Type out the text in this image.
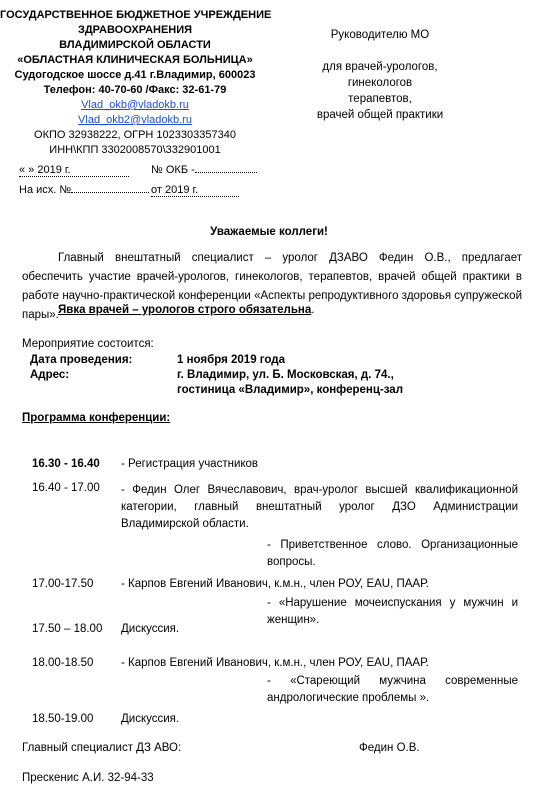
ГОСУДАРСТВЕННОЕ БЮДЖЕТНОЕ УЧРЕЖДЕНИЕ
ЗДРАВООХРАНЕНИЯ
ВЛАДИМИРСКОЙ ОБЛАСТИ
«ОБЛАСТНАЯ КЛИНИЧЕСКАЯ БОЛЬНИЦА»
Судогодское шоссе д.41 г.Владимир, 600023
Телефон: 40-70-60 /Факс: 32-61-79
Vlad_okb@vladokb.ru
Vlad_okb2@vladokb.ru
ОКПО 32938222, ОГРН 1023303357340
ИНН\КПП 3302008570\332901001
« » 2019 г.	№ ОКБ -
На исх. №	от 2019 г.
Руководителю МО
для врачей-урологов,
гинекологов
терапевтов,
врачей общей практики
Уважаемые коллеги!
Главный внештатный специалист – уролог ДЗАВО Федин О.В., предлагает обеспечить участие врачей-урологов, гинекологов, терапевтов, врачей общей практики в работе научно-практической конференции «Аспекты репродуктивного здоровья супружеской пары». Явка врачей – урологов строго обязательна.
Мероприятие состоится:
Дата проведения:	1 ноября 2019 года
Адрес:	г. Владимир, ул. Б. Московская, д. 74.,
гостиница «Владимир», конференц-зал
Программа конференции:
16.30 - 16.40 - Регистрация участников
16.40 - 17.00 - Федин Олег Вячеславович, врач-уролог высшей квалификационной категории, главный внештатный уролог ДЗО Администрации Владимирской области.
- Приветственное слово. Организационные вопросы.
17.00-17.50 - Карпов Евгений Иванович, к.м.н., член РОУ, EAU, ПААР.
- «Нарушение мочеиспускания у мужчин и женщин».
17.50 – 18.00 Дискуссия.
18.00-18.50 - Карпов Евгений Иванович, к.м.н., член РОУ, EAU, ПААР.
- «Стареющий мужчина современные андрологические проблемы ».
18.50-19.00 Дискуссия.
Главный специалист ДЗ АВО:	Федин О.В.
Прескенис А.И. 32-94-33
